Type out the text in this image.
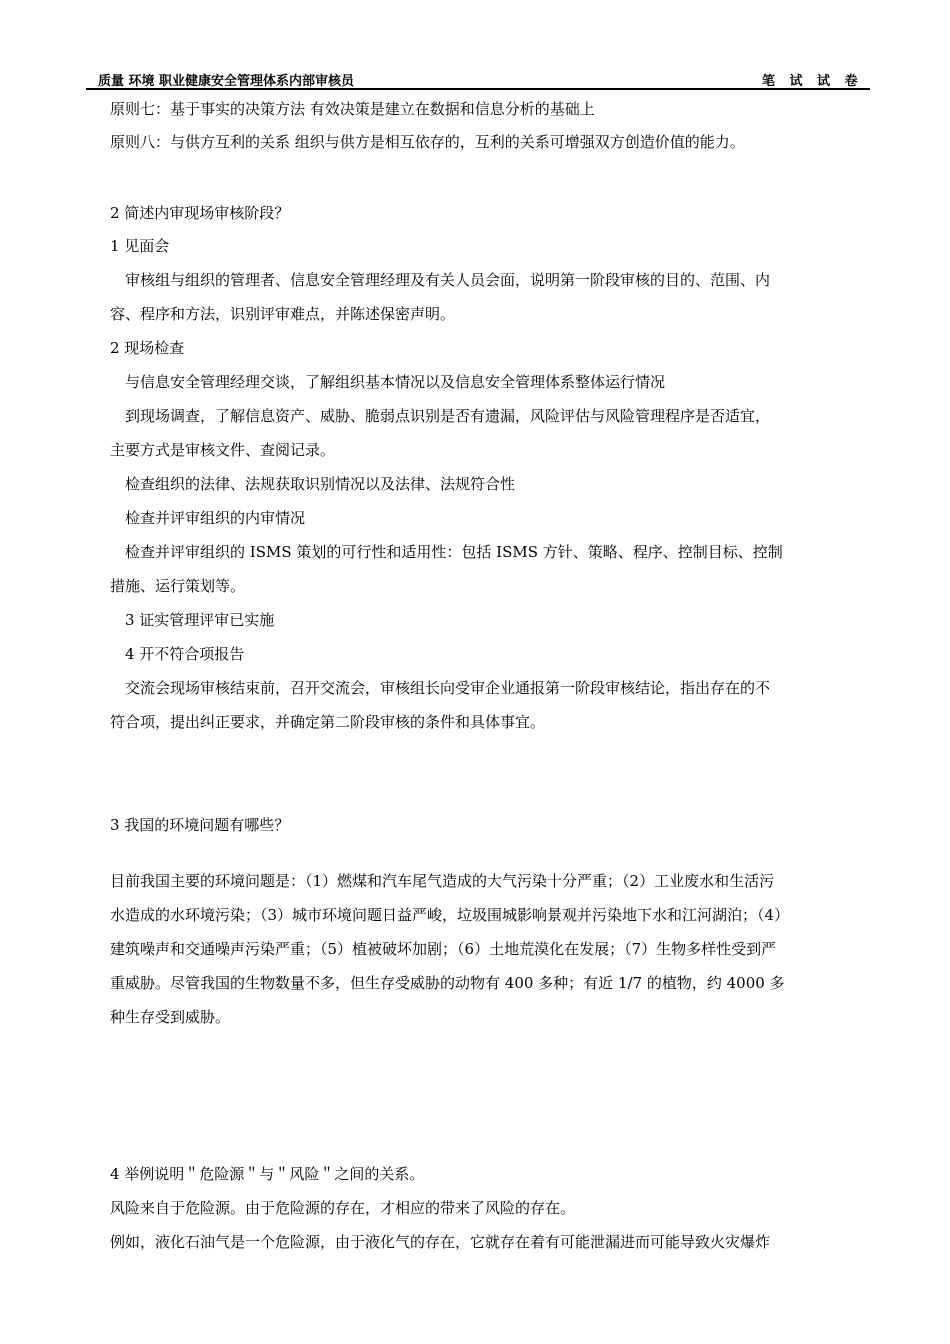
质量 环境 职业健康安全管理体系内部审核员	笔 试 试 卷
原则七：基于事实的决策方法 有效决策是建立在数据和信息分析的基础上
原则八：与供方互利的关系 组织与供方是相互依存的，互利的关系可增强双方创造价值的能力。
2 简述内审现场审核阶段？
1 见面会
审核组与组织的管理者、信息安全管理经理及有关人员会面，说明第一阶段审核的目的、范围、内
容、程序和方法，识别评审难点，并陈述保密声明。
2 现场检查
与信息安全管理经理交谈，了解组织基本情况以及信息安全管理体系整体运行情况
到现场调查，了解信息资产、威胁、脆弱点识别是否有遗漏，风险评估与风险管理程序是否适宜，
主要方式是审核文件、查阅记录。
检查组织的法律、法规获取识别情况以及法律、法规符合性
检查并评审组织的内审情况
检查并评审组织的 ISMS 策划的可行性和适用性：包括 ISMS 方针、策略、程序、控制目标、控制
措施、运行策划等。
3 证实管理评审已实施
4 开不符合项报告
交流会现场审核结束前，召开交流会，审核组长向受审企业通报第一阶段审核结论，指出存在的不
符合项，提出纠正要求，并确定第二阶段审核的条件和具体事宜。
3 我国的环境问题有哪些？
目前我国主要的环境问题是：（1）燃煤和汽车尾气造成的大气污染十分严重；（2）工业废水和生活污
水造成的水环境污染；（3）城市环境问题日益严峻，垃圾围城影响景观并污染地下水和江河湖泊；（4）
建筑噪声和交通噪声污染严重；（5）植被破坏加剧；（6）土地荒漠化在发展；（7）生物多样性受到严
重威胁。尽管我国的生物数量不多，但生存受威胁的动物有 400 多种；有近 1/7 的植物，约 4000 多
种生存受到威胁。
4 举例说明＂危险源＂与＂风险＂之间的关系。
风险来自于危险源。由于危险源的存在，才相应的带来了风险的存在。
例如，液化石油气是一个危险源，由于液化气的存在，它就存在着有可能泄漏进而可能导致火灾爆炸
